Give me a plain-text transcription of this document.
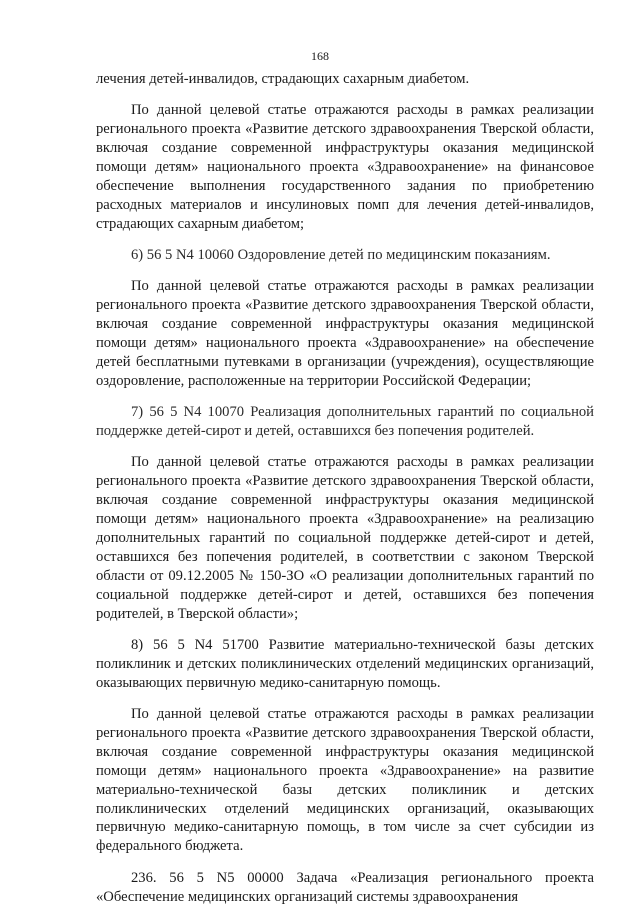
168

лечения детей-инвалидов, страдающих сахарным диабетом.

По данной целевой статье отражаются расходы в рамках реализации регионального проекта «Развитие детского здравоохранения Тверской области, включая создание современной инфраструктуры оказания медицинской помощи детям» национального проекта «Здравоохранение» на финансовое обеспечение выполнения государственного задания по приобретению расходных материалов и инсулиновых помп для лечения детей-инвалидов, страдающих сахарным диабетом;

6) 56 5 N4 10060 Оздоровление детей по медицинским показаниям.

По данной целевой статье отражаются расходы в рамках реализации регионального проекта «Развитие детского здравоохранения Тверской области, включая создание современной инфраструктуры оказания медицинской помощи детям» национального проекта «Здравоохранение» на обеспечение детей бесплатными путевками в организации (учреждения), осуществляющие оздоровление, расположенные на территории Российской Федерации;

7) 56 5 N4 10070 Реализация дополнительных гарантий по социальной поддержке детей-сирот и детей, оставшихся без попечения родителей.

По данной целевой статье отражаются расходы в рамках реализации регионального проекта «Развитие детского здравоохранения Тверской области, включая создание современной инфраструктуры оказания медицинской помощи детям» национального проекта «Здравоохранение» на реализацию дополнительных гарантий по социальной поддержке детей-сирот и детей, оставшихся без попечения родителей, в соответствии с законом Тверской области от 09.12.2005 № 150-ЗО «О реализации дополнительных гарантий по социальной поддержке детей-сирот и детей, оставшихся без попечения родителей, в Тверской области»;

8) 56 5 N4 51700 Развитие материально-технической базы детских поликлиник и детских поликлинических отделений медицинских организаций, оказывающих первичную медико-санитарную помощь.

По данной целевой статье отражаются расходы в рамках реализации регионального проекта «Развитие детского здравоохранения Тверской области, включая создание современной инфраструктуры оказания медицинской помощи детям» национального проекта «Здравоохранение» на развитие материально-технической базы детских поликлиник и детских поликлинических отделений медицинских организаций, оказывающих первичную медико-санитарную помощь, в том числе за счет субсидии из федерального бюджета.

236. 56 5 N5 00000 Задача «Реализация регионального проекта «Обеспечение медицинских организаций системы здравоохранения
